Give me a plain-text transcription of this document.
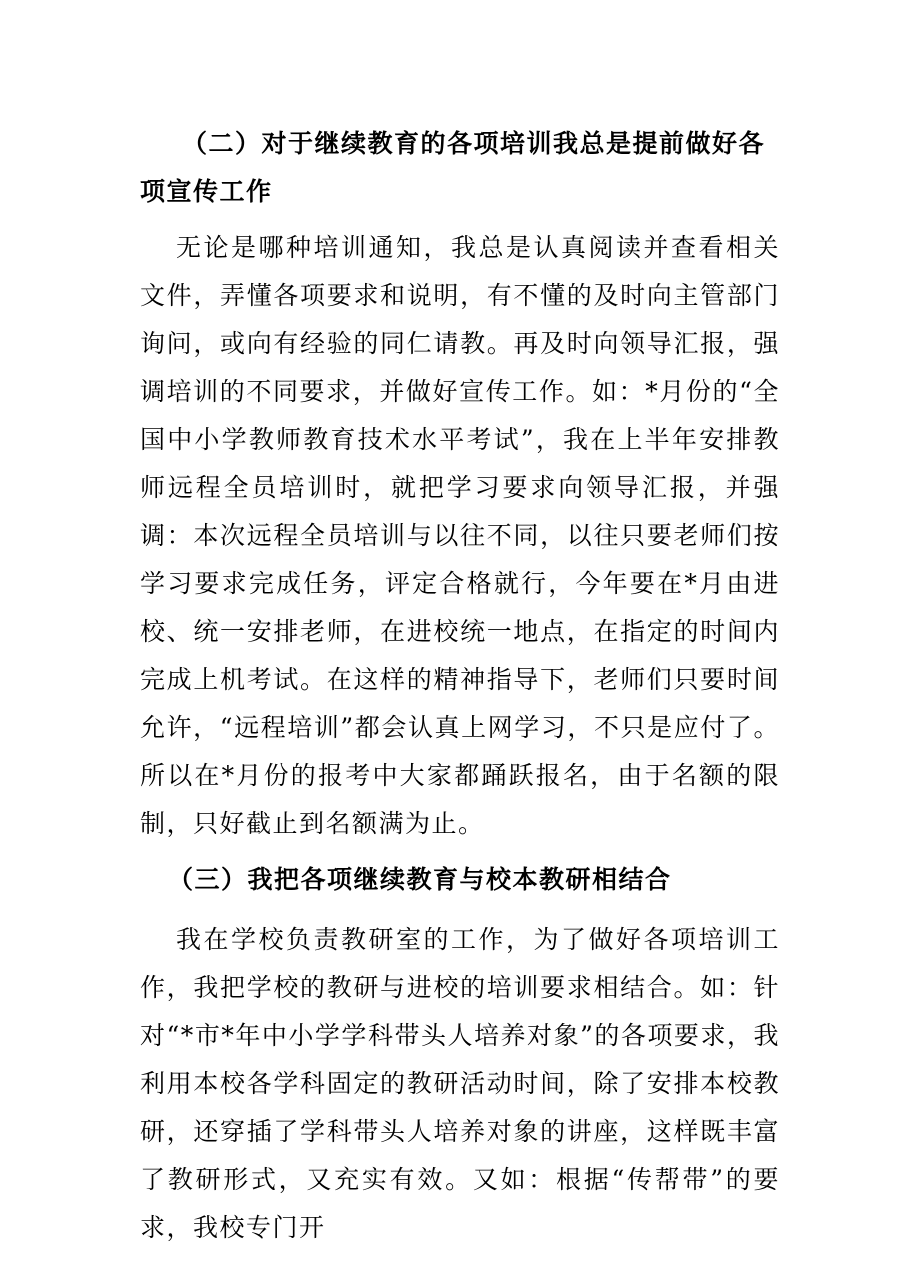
（二）对于继续教育的各项培训我总是提前做好各项宣传工作

无论是哪种培训通知，我总是认真阅读并查看相关文件，弄懂各项要求和说明，有不懂的及时向主管部门询问，或向有经验的同仁请教。再及时向领导汇报，强调培训的不同要求，并做好宣传工作。如：*月份的“全国中小学教师教育技术水平考试”，我在上半年安排教师远程全员培训时，就把学习要求向领导汇报，并强调：本次远程全员培训与以往不同，以往只要老师们按学习要求完成任务，评定合格就行，今年要在*月由进校、统一安排老师，在进校统一地点，在指定的时间内完成上机考试。在这样的精神指导下，老师们只要时间允许，“远程培训”都会认真上网学习，不只是应付了。所以在*月份的报考中大家都踊跃报名，由于名额的限制，只好截止到名额满为止。

（三）我把各项继续教育与校本教研相结合

我在学校负责教研室的工作，为了做好各项培训工作，我把学校的教研与进校的培训要求相结合。如：针对“*市*年中小学学科带头人培养对象”的各项要求，我利用本校各学科固定的教研活动时间，除了安排本校教研，还穿插了学科带头人培养对象的讲座，这样既丰富了教研形式，又充实有效。又如：根据“传帮带”的要求，我校专门开
